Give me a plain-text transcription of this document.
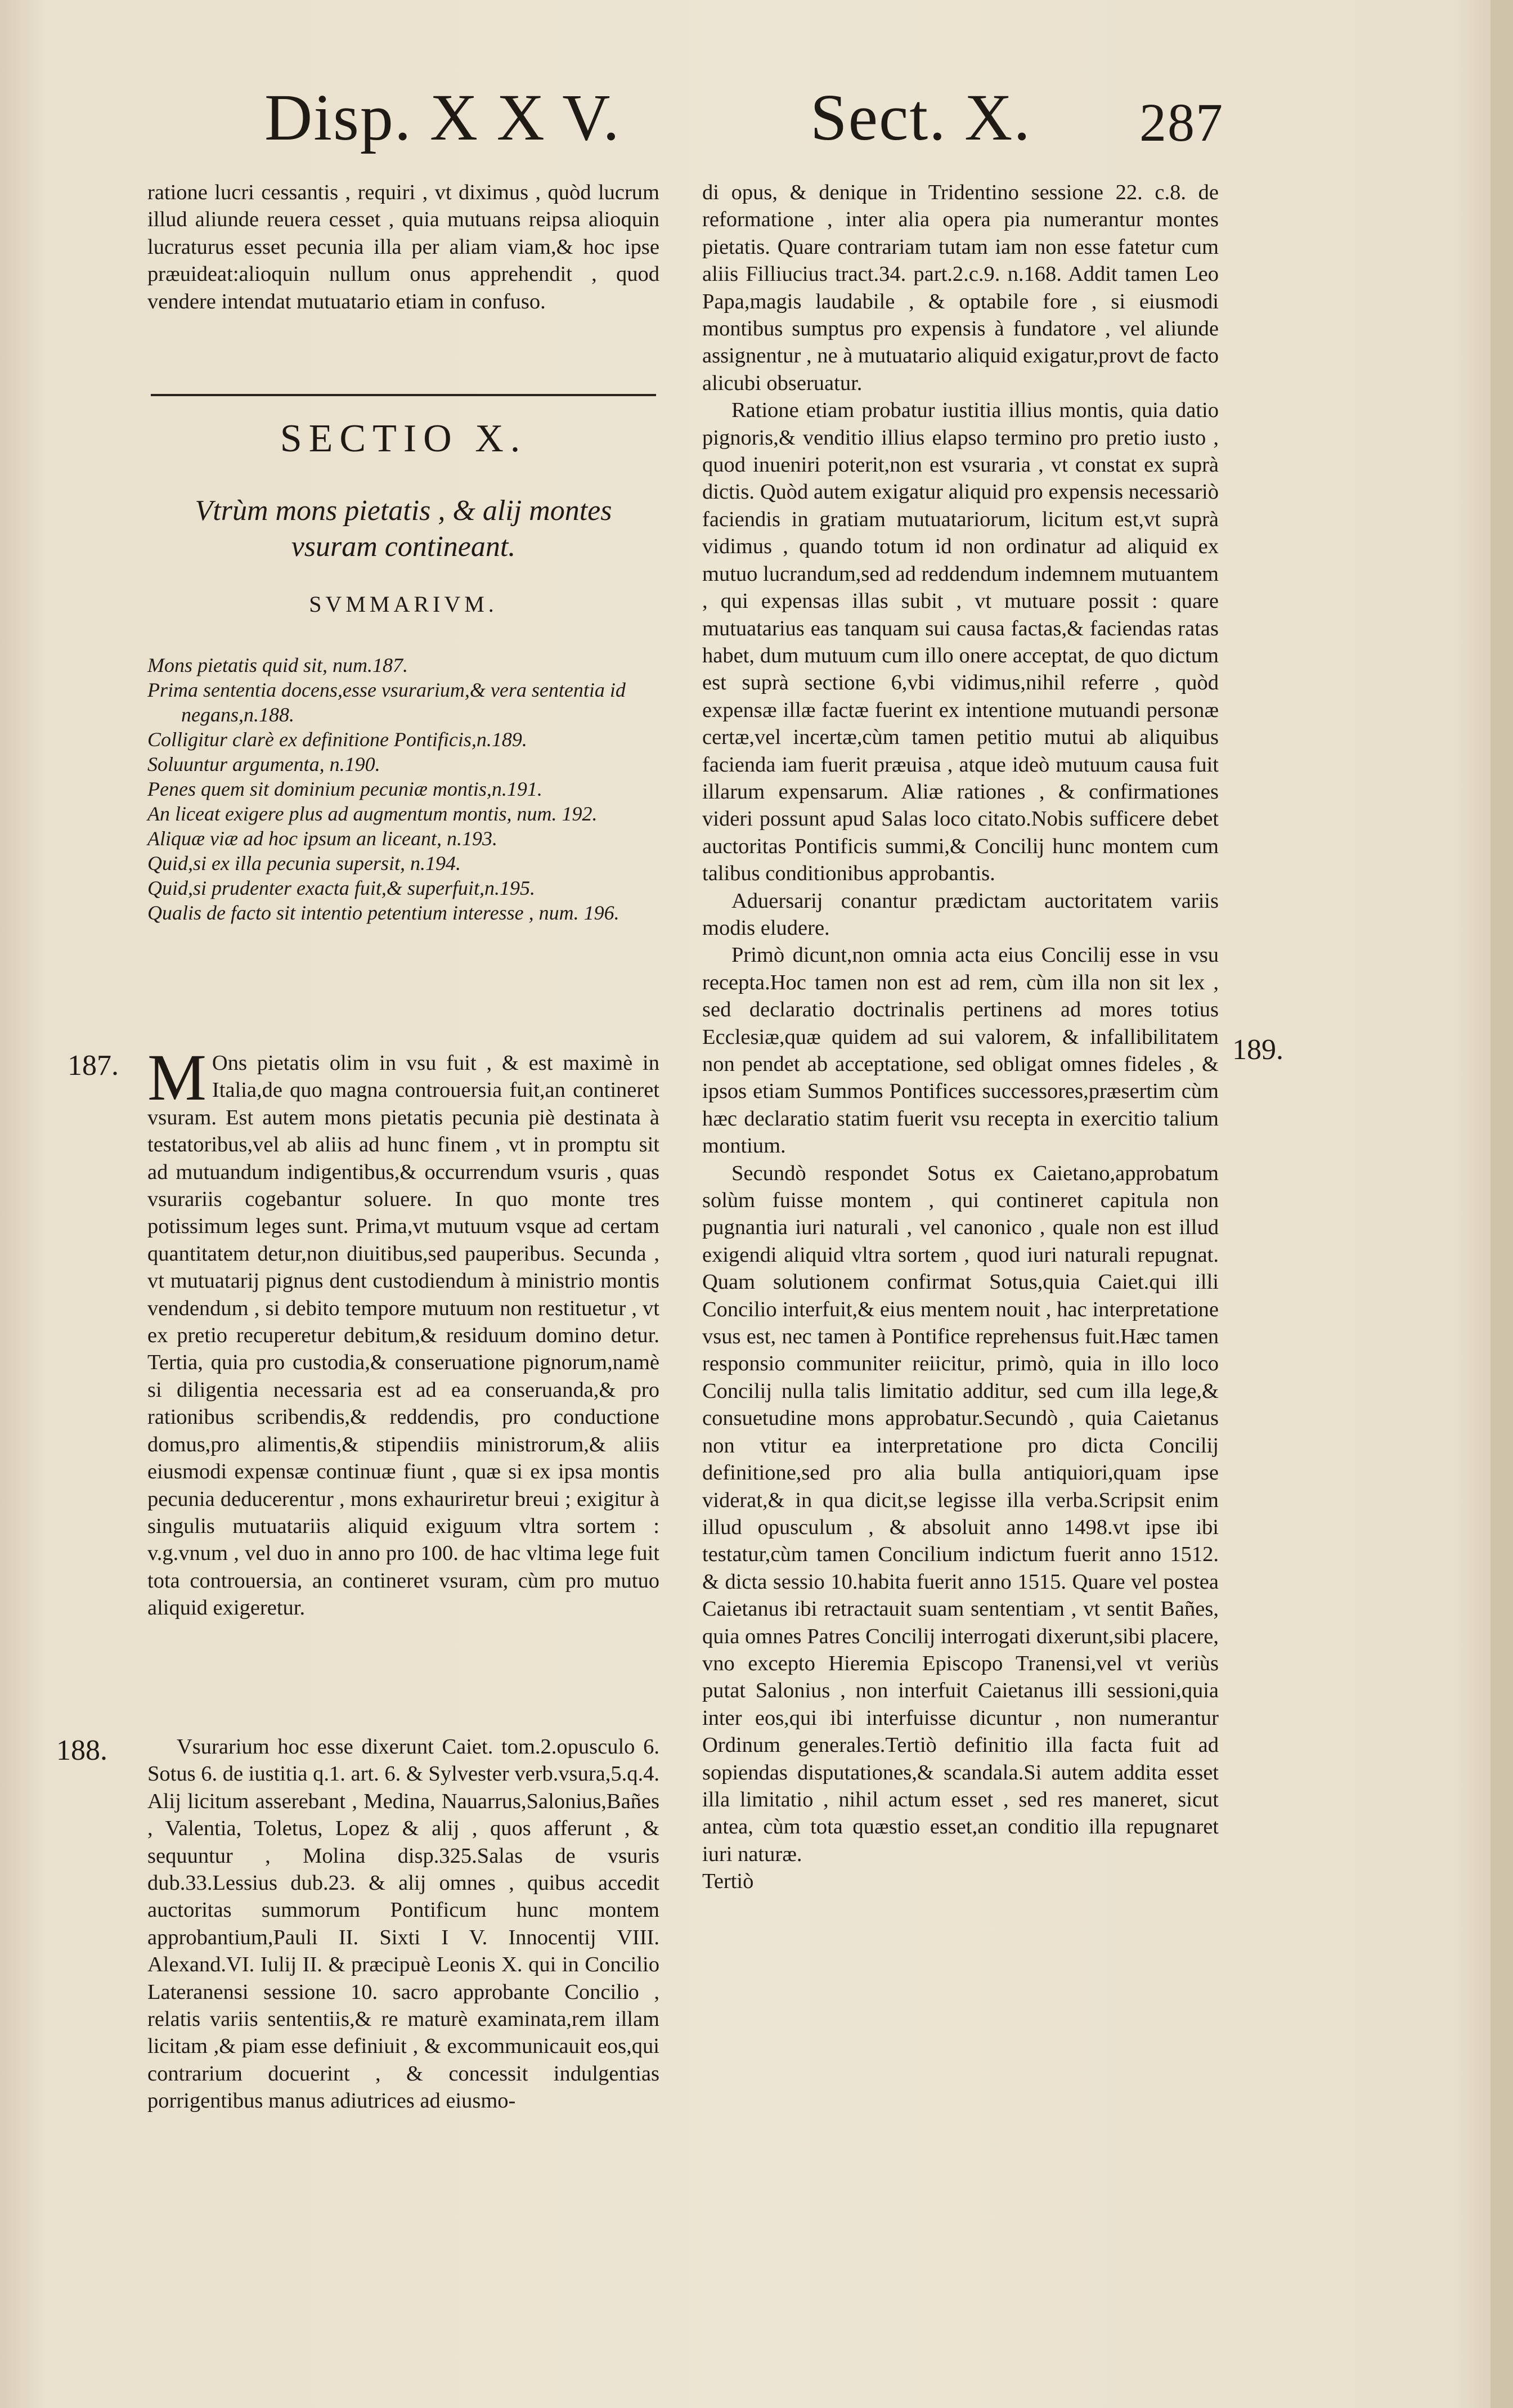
Disp. X X V.	Sect. X. 287

ratione lucri cessantis , requiri , vt diximus , quòd lucrum illud aliunde reuera cesset , quia mutuans reipsa alioquin lucraturus esset pecunia illa per aliam viam,& hoc ipse præuideat:alioquin nullum onus apprehendit , quod vendere intendat mutuatario etiam in confuso.

SECTIO X.
Vtrùm mons pietatis , & alij montes
vsuram contineant.
SVMMARIVM.
Mons pietatis quid sit, num.187.
Prima sententia docens,esse vsurarium,& vera sententia id negans,n.188.
Colligitur clarè ex definitione Pontificis,n.189.
Soluuntur argumenta, n.190.
Penes quem sit dominium pecuniæ montis,n.191.
An liceat exigere plus ad augmentum montis, num. 192.
Aliquæ viæ ad hoc ipsum an liceant, n.193.
Quid,si ex illa pecunia supersit, n.194.
Quid,si prudenter exacta fuit,& superfuit,n.195.
Qualis de facto sit intentio petentium interesse , num. 196.
187. M Ons pietatis olim in vsu fuit , & est maximè in Italia,de quo magna controuersia fuit,an contineret vsuram. Est autem mons pietatis pecunia piè destinata à testatoribus,vel ab aliis ad hunc finem , vt in promptu sit ad mutuandum indigentibus,& occurrendum vsuris , quas vsurariis cogebantur soluere. In quo monte tres potissimum leges sunt. Prima,vt mutuum vsque ad certam quantitatem detur,non diuitibus,sed pauperibus. Secunda , vt mutuatarij pignus dent custodiendum à ministrio montis vendendum , si debito tempore mutuum non restituetur , vt ex pretio recuperetur debitum,& residuum domino detur. Tertia, quia pro custodia,& conseruatione pignorum,namè si diligentia necessaria est ad ea conseruanda,& pro rationibus scribendis,& reddendis, pro conductione domus,pro alimentis,& stipendiis ministrorum,& aliis eiusmodi expensæ continuæ fiunt , quæ si ex ipsa montis pecunia deducerentur , mons exhauriretur breui ; exigitur à singulis mutuatariis aliquid exiguum vltra sortem : v.g.vnum , vel duo in anno pro 100. de hac vltima lege fuit tota controuersia, an contineret vsuram, cùm pro mutuo aliquid exigeretur.

188.	Vsurarium hoc esse dixerunt Caiet. tom.2.opusculo 6. Sotus 6. de iustitia q.1. art. 6. & Sylvester verb.vsura,5.q.4. Alij licitum asserebant , Medina, Nauarrus,Salonius,Bañes , Valentia, Toletus, Lopez & alij , quos afferunt , & sequuntur , Molina disp.325.Salas de vsuris dub.33.Lessius dub.23. & alij omnes , quibus accedit auctoritas summorum Pontificum hunc montem approbantium,Pauli II. Sixti I V. Innocentij VIII. Alexand.VI. Iulij II. & præcipuè Leonis X. qui in Concilio Lateranensi sessione 10. sacro approbante Concilio , relatis variis sententiis,& re maturè examinata,rem illam licitam ,& piam esse definiuit , & excommunicauit eos,qui contrarium docuerint , & concessit indulgentias porrigentibus manus adiutrices ad eiusmo-

di opus, & denique in Tridentino sessione 22. c.8. de reformatione , inter alia opera pia numerantur montes pietatis. Quare contrariam tutam iam non esse fatetur cum aliis Filliucius tract.34. part.2.c.9. n.168. Addit tamen Leo Papa,magis laudabile , & optabile fore , si eiusmodi montibus sumptus pro expensis à fundatore , vel aliunde assignentur , ne à mutuatario aliquid exigatur,provt de facto alicubi obseruatur.

Ratione etiam probatur iustitia illius montis, quia datio pignoris,& venditio illius elapso termino pro pretio iusto , quod inueniri poterit,non est vsuraria , vt constat ex suprà dictis. Quòd autem exigatur aliquid pro expensis necessariò faciendis in gratiam mutuatariorum, licitum est,vt suprà vidimus , quando totum id non ordinatur ad aliquid ex mutuo lucrandum,sed ad reddendum indemnem mutuantem , qui expensas illas subit , vt mutuare possit : quare mutuatarius eas tanquam sui causa factas,& faciendas ratas habet, dum mutuum cum illo onere acceptat, de quo dictum est suprà sectione 6,vbi vidimus,nihil referre , quòd expensæ illæ factæ fuerint ex intentione mutuandi personæ certæ,vel incertæ,cùm tamen petitio mutui ab aliquibus facienda iam fuerit præuisa , atque ideò mutuum causa fuit illarum expensarum. Aliæ rationes , & confirmationes videri possunt apud Salas loco citato.Nobis sufficere debet auctoritas Pontificis summi,& Concilij hunc montem cum talibus conditionibus approbantis.

Aduersarij conantur prædictam auctoritatem variis modis eludere.

Primò dicunt,non omnia acta eius Concilij esse in vsu recepta.Hoc tamen non est ad rem, cùm illa non sit lex , sed declaratio doctrinalis pertinens ad mores totius Ecclesiæ,quæ quidem ad sui valorem, & infallibilitatem non pendet ab acceptatione, sed obligat omnes fideles , & ipsos etiam Summos Pontifices successores,præsertim cùm hæc declaratio statim fuerit vsu recepta in exercitio talium montium.

Secundò respondet Sotus ex Caietano,approbatum solùm fuisse montem , qui contineret capitula non pugnantia iuri naturali , vel canonico , quale non est illud exigendi aliquid vltra sortem , quod iuri naturali repugnat. Quam solutionem confirmat Sotus,quia Caiet.qui illi Concilio interfuit,& eius mentem nouit , hac interpretatione vsus est, nec tamen à Pontifice reprehensus fuit.Hæc tamen responsio communiter reiicitur, primò, quia in illo loco Concilij nulla talis limitatio additur, sed cum illa lege,& consuetudine mons approbatur.Secundò , quia Caietanus non vtitur ea interpretatione pro dicta Concilij definitione,sed pro alia bulla antiquiori,quam ipse viderat,& in qua dicit,se legisse illa verba.Scripsit enim illud opusculum , & absoluit anno 1498.vt ipse ibi testatur,cùm tamen Concilium indictum fuerit anno 1512. & dicta sessio 10.habita fuerit anno 1515. Quare vel postea Caietanus ibi retractauit suam sententiam , vt sentit Bañes, quia omnes Patres Concilij interrogati dixerunt,sibi placere, vno excepto Hieremia Episcopo Tranensi,vel vt veriùs putat Salonius , non interfuit Caietanus illi sessioni,quia inter eos,qui ibi interfuisse dicuntur , non numerantur Ordinum generales.Tertiò definitio illa facta fuit ad sopiendas disputationes,& scandala.Si autem addita esset illa limitatio , nihil actum esset , sed res maneret, sicut antea, cùm tota quæstio esset,an conditio illa repugnaret iuri naturæ.

Tertiò

189.
